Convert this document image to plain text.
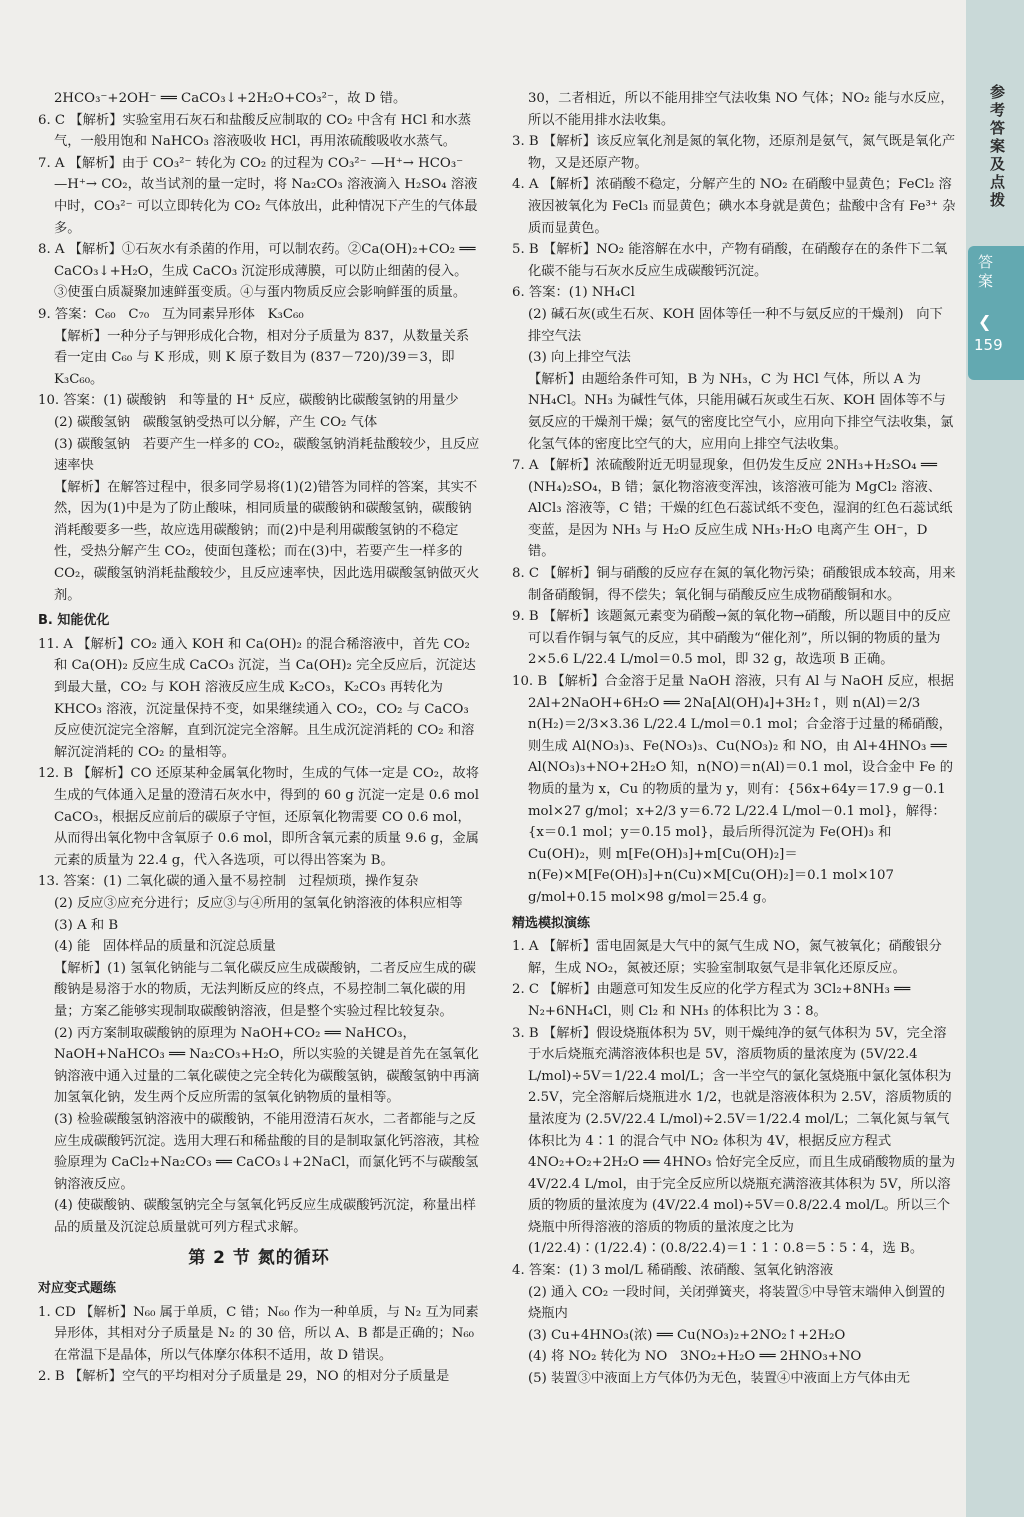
2HCO₃⁻+2OH⁻ ══ CaCO₃↓+2H₂O+CO₃²⁻，故 D 错。
6. C 【解析】实验室用石灰石和盐酸反应制取的 CO₂ 中含有 HCl 和水蒸气，一般用饱和 NaHCO₃ 溶液吸收 HCl，再用浓硫酸吸收水蒸气。
7. A 【解析】由于 CO₃²⁻ 转化为 CO₂ 的过程为 CO₃²⁻ —H⁺→ HCO₃⁻ —H⁺→ CO₂，故当试剂的量一定时，将 Na₂CO₃ 溶液滴入 H₂SO₄ 溶液中时，CO₃²⁻ 可以立即转化为 CO₂ 气体放出，此种情况下产生的气体最多。
8. A 【解析】①石灰水有杀菌的作用，可以制农药。②Ca(OH)₂+CO₂ ══ CaCO₃↓+H₂O，生成 CaCO₃ 沉淀形成薄膜，可以防止细菌的侵入。③使蛋白质凝聚加速鲜蛋变质。④与蛋内物质反应会影响鲜蛋的质量。
9. 答案：C₆₀   C₇₀   互为同素异形体   K₃C₆₀
【解析】一种分子与钾形成化合物，相对分子质量为 837，从数量关系看一定由 C₆₀ 与 K 形成，则 K 原子数目为 (837－720)/39＝3，即 K₃C₆₀。
10. 答案：(1) 碳酸钠   和等量的 H⁺ 反应，碳酸钠比碳酸氢钠的用量少
(2) 碳酸氢钠   碳酸氢钠受热可以分解，产生 CO₂ 气体
(3) 碳酸氢钠   若要产生一样多的 CO₂，碳酸氢钠消耗盐酸较少，且反应速率快
【解析】在解答过程中，很多同学易将(1)(2)错答为同样的答案，其实不然，因为(1)中是为了防止酸味，相同质量的碳酸钠和碳酸氢钠，碳酸钠消耗酸要多一些，故应选用碳酸钠；而(2)中是利用碳酸氢钠的不稳定性，受热分解产生 CO₂，使面包蓬松；而在(3)中，若要产生一样多的 CO₂，碳酸氢钠消耗盐酸较少，且反应速率快，因此选用碳酸氢钠做灭火剂。
B. 知能优化
11. A 【解析】CO₂ 通入 KOH 和 Ca(OH)₂ 的混合稀溶液中，首先 CO₂ 和 Ca(OH)₂ 反应生成 CaCO₃ 沉淀，当 Ca(OH)₂ 完全反应后，沉淀达到最大量，CO₂ 与 KOH 溶液反应生成 K₂CO₃，K₂CO₃ 再转化为 KHCO₃ 溶液，沉淀量保持不变，如果继续通入 CO₂，CO₂ 与 CaCO₃ 反应使沉淀完全溶解，直到沉淀完全溶解。且生成沉淀消耗的 CO₂ 和溶解沉淀消耗的 CO₂ 的量相等。
12. B 【解析】CO 还原某种金属氧化物时，生成的气体一定是 CO₂，故将生成的气体通入足量的澄清石灰水中，得到的 60 g 沉淀一定是 0.6 mol CaCO₃，根据反应前后的碳原子守恒，还原氧化物需要 CO 0.6 mol，从而得出氧化物中含氧原子 0.6 mol，即所含氧元素的质量 9.6 g，金属元素的质量为 22.4 g，代入各选项，可以得出答案为 B。
13. 答案：(1) 二氧化碳的通入量不易控制   过程烦琐，操作复杂
(2) 反应③应充分进行；反应③与④所用的氢氧化钠溶液的体积应相等
(3) A 和 B
(4) 能   固体样品的质量和沉淀总质量
【解析】(1) 氢氧化钠能与二氧化碳反应生成碳酸钠，二者反应生成的碳酸钠是易溶于水的物质，无法判断反应的终点，不易控制二氧化碳的用量；方案乙能够实现制取碳酸钠溶液，但是整个实验过程比较复杂。
(2) 丙方案制取碳酸钠的原理为 NaOH+CO₂ ══ NaHCO₃，NaOH+NaHCO₃ ══ Na₂CO₃+H₂O，所以实验的关键是首先在氢氧化钠溶液中通入过量的二氧化碳使之完全转化为碳酸氢钠，碳酸氢钠中再滴加氢氧化钠，发生两个反应所需的氢氧化钠物质的量相等。
(3) 检验碳酸氢钠溶液中的碳酸钠，不能用澄清石灰水，二者都能与之反应生成碳酸钙沉淀。选用大理石和稀盐酸的目的是制取氯化钙溶液，其检验原理为 CaCl₂+Na₂CO₃ ══ CaCO₃↓+2NaCl，而氯化钙不与碳酸氢钠溶液反应。
(4) 使碳酸钠、碳酸氢钠完全与氢氧化钙反应生成碳酸钙沉淀，称量出样品的质量及沉淀总质量就可列方程式求解。
第 2 节 氮的循环
对应变式题练
1. CD 【解析】N₆₀ 属于单质，C 错；N₆₀ 作为一种单质，与 N₂ 互为同素异形体，其相对分子质量是 N₂ 的 30 倍，所以 A、B 都是正确的；N₆₀ 在常温下是晶体，所以气体摩尔体积不适用，故 D 错误。
2. B 【解析】空气的平均相对分子质量是 29，NO 的相对分子质量是
30，二者相近，所以不能用排空气法收集 NO 气体；NO₂ 能与水反应，所以不能用排水法收集。
3. B 【解析】该反应氧化剂是氮的氧化物，还原剂是氨气，氮气既是氧化产物，又是还原产物。
4. A 【解析】浓硝酸不稳定，分解产生的 NO₂ 在硝酸中显黄色；FeCl₂ 溶液因被氧化为 FeCl₃ 而显黄色；碘水本身就是黄色；盐酸中含有 Fe³⁺ 杂质而显黄色。
5. B 【解析】NO₂ 能溶解在水中，产物有硝酸，在硝酸存在的条件下二氧化碳不能与石灰水反应生成碳酸钙沉淀。
6. 答案：(1) NH₄Cl
(2) 碱石灰(或生石灰、KOH 固体等任一种不与氨反应的干燥剂)   向下排空气法
(3) 向上排空气法
【解析】由题给条件可知，B 为 NH₃，C 为 HCl 气体，所以 A 为 NH₄Cl。NH₃ 为碱性气体，只能用碱石灰或生石灰、KOH 固体等不与氨反应的干燥剂干燥；氨气的密度比空气小，应用向下排空气法收集，氯化氢气体的密度比空气的大，应用向上排空气法收集。
7. A 【解析】浓硫酸附近无明显现象，但仍发生反应 2NH₃+H₂SO₄ ══ (NH₄)₂SO₄，B 错；氯化物溶液变浑浊，该溶液可能为 MgCl₂ 溶液、AlCl₃ 溶液等，C 错；干燥的红色石蕊试纸不变色，湿润的红色石蕊试纸变蓝，是因为 NH₃ 与 H₂O 反应生成 NH₃·H₂O 电离产生 OH⁻，D 错。
8. C 【解析】铜与硝酸的反应存在氮的氧化物污染；硝酸银成本较高，用来制备硝酸铜，得不偿失；氧化铜与硝酸反应生成物硝酸铜和水。
9. B 【解析】该题氮元素变为硝酸→氮的氧化物→硝酸，所以题目中的反应可以看作铜与氧气的反应，其中硝酸为“催化剂”，所以铜的物质的量为 2×5.6 L/22.4 L/mol＝0.5 mol，即 32 g，故选项 B 正确。
10. B 【解析】合金溶于足量 NaOH 溶液，只有 Al 与 NaOH 反应，根据 2Al+2NaOH+6H₂O ══ 2Na[Al(OH)₄]+3H₂↑，则 n(Al)＝2/3 n(H₂)＝2/3×3.36 L/22.4 L/mol＝0.1 mol；合金溶于过量的稀硝酸，则生成 Al(NO₃)₃、Fe(NO₃)₃、Cu(NO₃)₂ 和 NO，由 Al+4HNO₃ ══ Al(NO₃)₃+NO+2H₂O 知，n(NO)＝n(Al)＝0.1 mol，设合金中 Fe 的物质的量为 x，Cu 的物质的量为 y，则有：{56x+64y＝17.9 g－0.1 mol×27 g/mol；x+2/3 y＝6.72 L/22.4 L/mol－0.1 mol}，解得：{x＝0.1 mol；y＝0.15 mol}，最后所得沉淀为 Fe(OH)₃ 和 Cu(OH)₂，则 m[Fe(OH)₃]+m[Cu(OH)₂]＝n(Fe)×M[Fe(OH)₃]+n(Cu)×M[Cu(OH)₂]＝0.1 mol×107 g/mol+0.15 mol×98 g/mol＝25.4 g。
精选模拟演练
1. A 【解析】雷电固氮是大气中的氮气生成 NO，氮气被氧化；硝酸银分解，生成 NO₂，氮被还原；实验室制取氨气是非氧化还原反应。
2. C 【解析】由题意可知发生反应的化学方程式为 3Cl₂+8NH₃ ══ N₂+6NH₄Cl，则 Cl₂ 和 NH₃ 的体积比为 3∶8。
3. B 【解析】假设烧瓶体积为 5V，则干燥纯净的氨气体积为 5V，完全溶于水后烧瓶充满溶液体积也是 5V，溶质物质的量浓度为 (5V/22.4 L/mol)÷5V＝1/22.4 mol/L；含一半空气的氯化氢烧瓶中氯化氢体积为 2.5V，完全溶解后烧瓶进水 1/2，也就是溶液体积为 2.5V，溶质物质的量浓度为 (2.5V/22.4 L/mol)÷2.5V＝1/22.4 mol/L；二氧化氮与氧气体积比为 4∶1 的混合气中 NO₂ 体积为 4V，根据反应方程式 4NO₂+O₂+2H₂O ══ 4HNO₃ 恰好完全反应，而且生成硝酸物质的量为 4V/22.4 L/mol，由于完全反应所以烧瓶充满溶液其体积为 5V，所以溶质的物质的量浓度为 (4V/22.4 mol)÷5V＝0.8/22.4 mol/L。所以三个烧瓶中所得溶液的溶质的物质的量浓度之比为 (1/22.4)∶(1/22.4)∶(0.8/22.4)＝1∶1∶0.8＝5∶5∶4，选 B。
4. 答案：(1) 3 mol/L 稀硝酸、浓硝酸、氢氧化钠溶液
(2) 通入 CO₂ 一段时间，关闭弹簧夹，将装置⑤中导管末端伸入倒置的烧瓶内
(3) Cu+4HNO₃(浓) ══ Cu(NO₃)₂+2NO₂↑+2H₂O
(4) 将 NO₂ 转化为 NO   3NO₂+H₂O ══ 2HNO₃+NO
(5) 装置③中液面上方气体仍为无色，装置④中液面上方气体由无
参考答案及点拨
答案
❮
159
